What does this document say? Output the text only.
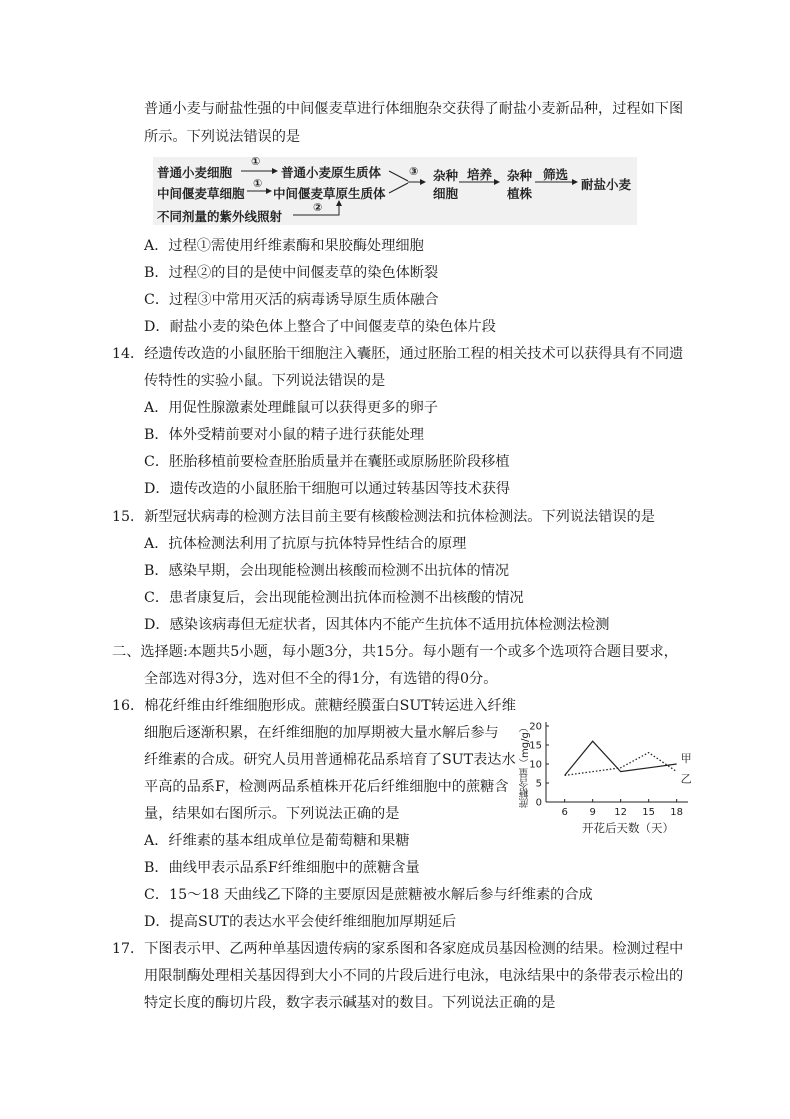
普通小麦与耐盐性强的中间偃麦草进行体细胞杂交获得了耐盐小麦新品种，过程如下图
所示。下列说法错误的是
普通小麦细胞
①
普通小麦原生质体
中间偃麦草细胞
①
中间偃麦草原生质体
不同剂量的紫外线照射
②
③ 杂种
细胞
培养 杂种
植株
筛选
耐盐小麦
A．过程①需使用纤维素酶和果胶酶处理细胞
B．过程②的目的是使中间偃麦草的染色体断裂
C．过程③中常用灭活的病毒诱导原生质体融合
D．耐盐小麦的染色体上整合了中间偃麦草的染色体片段
14．经遗传改造的小鼠胚胎干细胞注入囊胚，通过胚胎工程的相关技术可以获得具有不同遗
传特性的实验小鼠。下列说法错误的是
A．用促性腺激素处理雌鼠可以获得更多的卵子
B．体外受精前要对小鼠的精子进行获能处理
C．胚胎移植前要检查胚胎质量并在囊胚或原肠胚阶段移植
D．遗传改造的小鼠胚胎干细胞可以通过转基因等技术获得
15．新型冠状病毒的检测方法目前主要有核酸检测法和抗体检测法。下列说法错误的是
A．抗体检测法利用了抗原与抗体特异性结合的原理
B．感染早期，会出现能检测出核酸而检测不出抗体的情况
C．患者康复后，会出现能检测出抗体而检测不出核酸的情况
D．感染该病毒但无症状者，因其体内不能产生抗体不适用抗体检测法检测
二、选择题:本题共5小题，每小题3分，共15分。每小题有一个或多个选项符合题目要求，
全部选对得3分，选对但不全的得1分，有选错的得0分。
16．棉花纤维由纤维细胞形成。蔗糖经膜蛋白SUT转运进入纤维
细胞后逐渐积累，在纤维细胞的加厚期被大量水解后参与
纤维素的合成。研究人员用普通棉花品系培育了SUT表达水
平高的品系F，检测两品系植株开花后纤维细胞中的蔗糖含
量，结果如右图所示。下列说法正确的是
0
5
10
15
20
6 9 12 15 18
甲
乙
蔗糖含量（mg/g）
开花后天数（天）
A．纤维素的基本组成单位是葡萄糖和果糖
B．曲线甲表示品系F纤维细胞中的蔗糖含量
C．15～18 天曲线乙下降的主要原因是蔗糖被水解后参与纤维素的合成
D．提高SUT的表达水平会使纤维细胞加厚期延后
17．下图表示甲、乙两种单基因遗传病的家系图和各家庭成员基因检测的结果。检测过程中
用限制酶处理相关基因得到大小不同的片段后进行电泳，电泳结果中的条带表示检出的
特定长度的酶切片段，数字表示碱基对的数目。下列说法正确的是
